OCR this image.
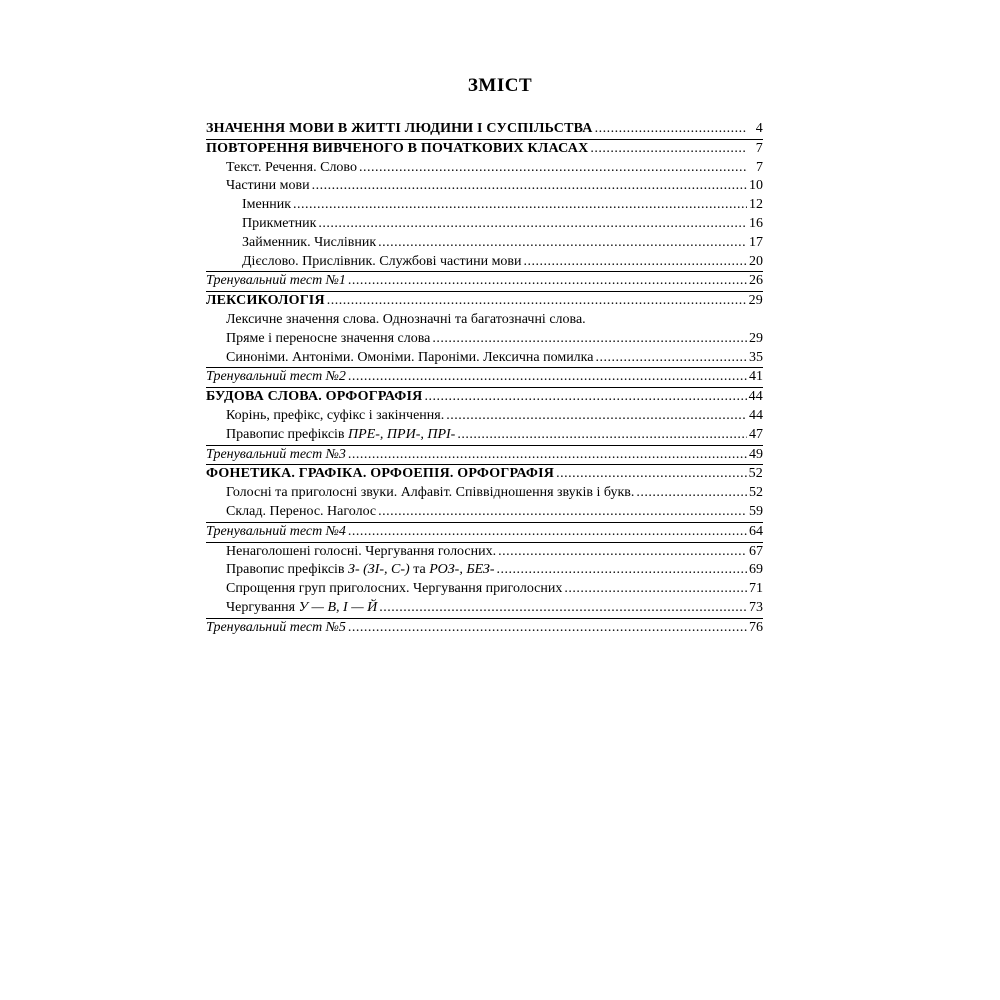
ЗМІСТ
ЗНАЧЕННЯ МОВИ В ЖИТТІ ЛЮДИНИ І СУСПІЛЬСТВА .....	4
ПОВТОРЕННЯ ВИВЧЕНОГО В ПОЧАТКОВИХ КЛАСАХ .....	7
Текст. Речення. Слово .....	7
Частини мови .....	10
Іменник .....	12
Прикметник .....	16
Займенник. Числівник .....	17
Дієслово. Прислівник. Службові частини мови .....	20
Тренувальний тест №1 .....	26
ЛЕКСИКОЛОГІЯ .....	29
Лексичне значення слова. Однозначні та багатозначні слова.
Пряме і переносне значення слова .....	29
Синоніми. Антоніми. Омоніми. Пароніми. Лексична помилка .....	35
Тренувальний тест №2 .....	41
БУДОВА СЛОВА. ОРФОГРАФІЯ .....	44
Корінь, префікс, суфікс і закінчення. .....	44
Правопис префіксів ПРЕ-, ПРИ-, ПРІ- .....	47
Тренувальний тест №3 .....	49
ФОНЕТИКА. ГРАФІКА. ОРФОЕПІЯ. ОРФОГРАФІЯ .....	52
Голосні та приголосні звуки. Алфавіт. Співвідношення звуків і букв. .....	52
Склад. Перенос. Наголос .....	59
Тренувальний тест №4 .....	64
Ненаголошені голосні. Чергування голосних. .....	67
Правопис префіксів З- (ЗІ-, С-) та РОЗ-, БЕЗ- .....	69
Спрощення груп приголосних. Чергування приголосних .....	71
Чергування У — В, І — Й .....	73
Тренувальний тест №5 .....	76
